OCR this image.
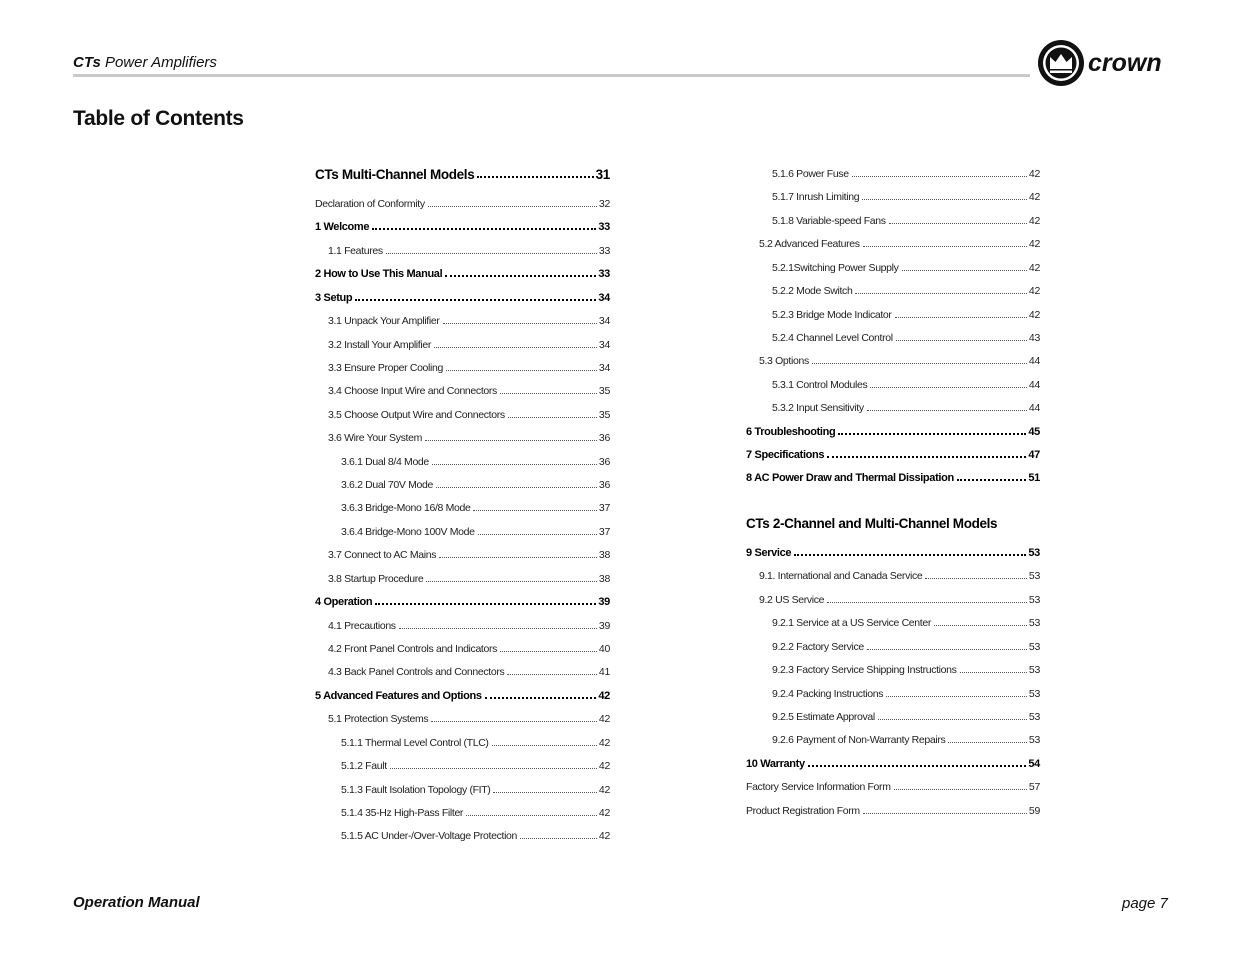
CTs Power Amplifiers	crown
Table of Contents
CTs Multi-Channel Models	31
Declaration of Conformity	32
1 Welcome	33
1.1 Features	33
2 How to Use This Manual	33
3 Setup	34
3.1 Unpack Your Amplifier	34
3.2 Install Your Amplifier	34
3.3 Ensure Proper Cooling	34
3.4 Choose Input Wire and Connectors	35
3.5 Choose Output Wire and Connectors	35
3.6 Wire Your System	36
3.6.1 Dual 8/4 Mode	36
3.6.2 Dual 70V Mode	36
3.6.3 Bridge-Mono 16/8 Mode	37
3.6.4 Bridge-Mono 100V Mode	37
3.7 Connect to AC Mains	38
3.8 Startup Procedure	38
4 Operation	39
4.1 Precautions	39
4.2 Front Panel Controls and Indicators	40
4.3 Back Panel Controls and Connectors	41
5 Advanced Features and Options	42
5.1 Protection Systems	42
5.1.1 Thermal Level Control (TLC)	42
5.1.2 Fault	42
5.1.3 Fault Isolation Topology (FIT)	42
5.1.4 35-Hz High-Pass Filter	42
5.1.5 AC Under-/Over-Voltage Protection	42
5.1.6 Power Fuse	42
5.1.7 Inrush Limiting	42
5.1.8 Variable-speed Fans	42
5.2 Advanced Features	42
5.2.1Switching Power Supply	42
5.2.2 Mode Switch	42
5.2.3 Bridge Mode Indicator	42
5.2.4 Channel Level Control	43
5.3 Options	44
5.3.1 Control Modules	44
5.3.2 Input Sensitivity	44
6 Troubleshooting	45
7 Specifications	47
8 AC Power Draw and Thermal Dissipation	51
CTs 2-Channel and Multi-Channel Models
9 Service	53
9.1. International and Canada Service	53
9.2 US Service	53
9.2.1 Service at a US Service Center	53
9.2.2 Factory Service	53
9.2.3 Factory Service Shipping Instructions	53
9.2.4 Packing Instructions	53
9.2.5 Estimate Approval	53
9.2.6 Payment of Non-Warranty Repairs	53
10 Warranty	54
Factory Service Information Form	57
Product Registration Form	59
Operation Manual	page 7
